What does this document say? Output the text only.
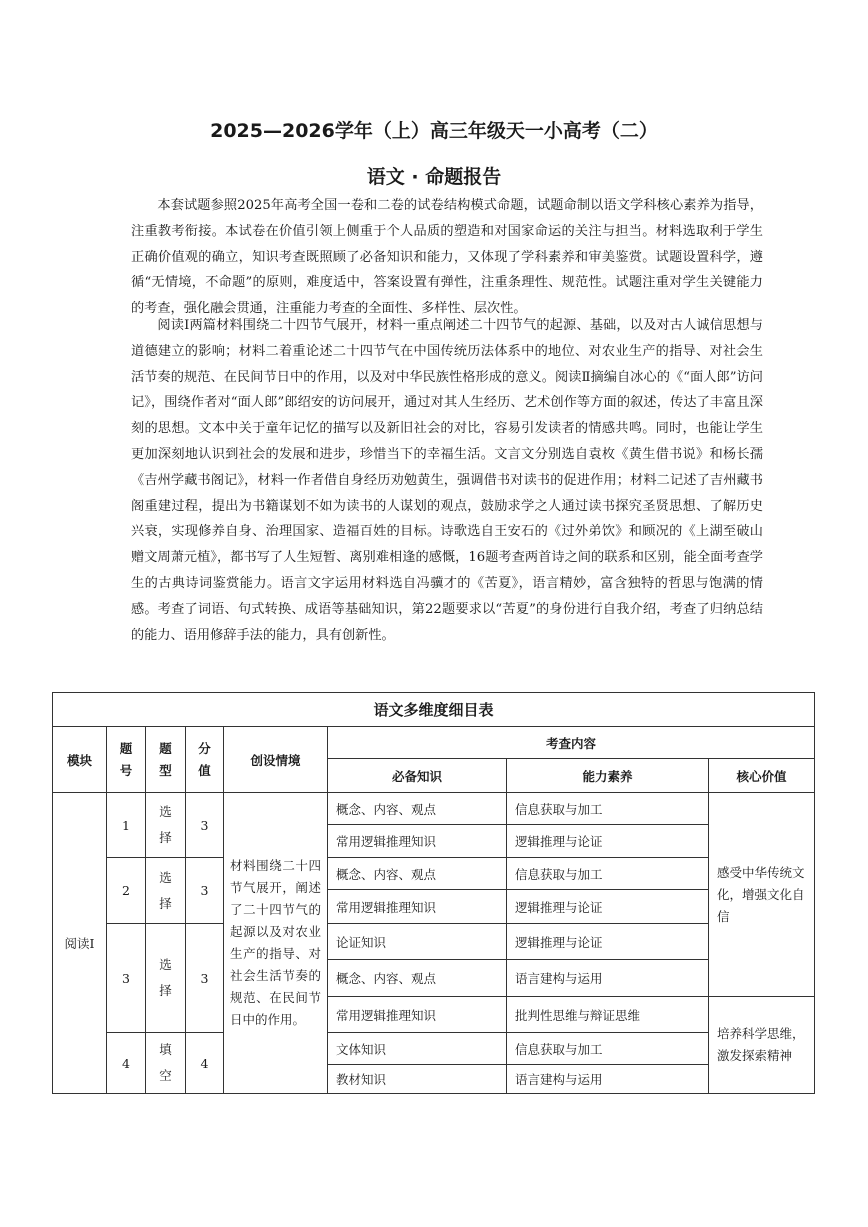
2025—2026学年（上）高三年级天一小高考（二）
语文 · 命题报告

本套试题参照2025年高考全国一卷和二卷的试卷结构模式命题，试题命制以语文学科核心素养为指导，注重教考衔接。本试卷在价值引领上侧重于个人品质的塑造和对国家命运的关注与担当。材料选取利于学生正确价值观的确立，知识考查既照顾了必备知识和能力，又体现了学科素养和审美鉴赏。试题设置科学，遵循“无情境，不命题”的原则，难度适中，答案设置有弹性，注重条理性、规范性。试题注重对学生关键能力的考查，强化融会贯通，注重能力考查的全面性、多样性、层次性。

阅读Ⅰ两篇材料围绕二十四节气展开，材料一重点阐述二十四节气的起源、基础，以及对古人诚信思想与道德建立的影响；材料二着重论述二十四节气在中国传统历法体系中的地位、对农业生产的指导、对社会生活节奏的规范、在民间节日中的作用，以及对中华民族性格形成的意义。阅读Ⅱ摘编自冰心的《“面人郎”访问记》，围绕作者对“面人郎”郎绍安的访问展开，通过对其人生经历、艺术创作等方面的叙述，传达了丰富且深刻的思想。文本中关于童年记忆的描写以及新旧社会的对比，容易引发读者的情感共鸣。同时，也能让学生更加深刻地认识到社会的发展和进步，珍惜当下的幸福生活。文言文分别选自袁枚《黄生借书说》和杨长孺《吉州学藏书阁记》，材料一作者借自身经历劝勉黄生，强调借书对读书的促进作用；材料二记述了吉州藏书阁重建过程，提出为书籍谋划不如为读书的人谋划的观点，鼓励求学之人通过读书探究圣贤思想、了解历史兴衰，实现修养自身、治理国家、造福百姓的目标。诗歌选自王安石的《过外弟饮》和顾况的《上湖至破山赠文周萧元植》，都书写了人生短暂、离别难相逢的感慨，16题考查两首诗之间的联系和区别，能全面考查学生的古典诗词鉴赏能力。语言文字运用材料选自冯骥才的《苦夏》，语言精妙，富含独特的哲思与饱满的情感。考查了词语、句式转换、成语等基础知识，第22题要求以“苦夏”的身份进行自我介绍，考查了归纳总结的能力、语用修辞手法的能力，具有创新性。

语文多维度细目表							
模块	题号	题型	分值	创设情境	考查内容		
					必备知识	能力素养	核心价值
阅读Ⅰ	1	选择	3	材料围绕二十四节气展开，阐述了二十四节气的起源以及对农业生产的指导、对社会生活节奏的规范、在民间节日中的作用。	概念、内容、观点	信息获取与加工	感受中华传统文化，增强文化自信
					常用逻辑推理知识	逻辑推理与论证	
	2	选择	3		概念、内容、观点	信息获取与加工	
					常用逻辑推理知识	逻辑推理与论证	
	3	选择	3		论证知识	逻辑推理与论证	
					概念、内容、观点	语言建构与运用	
					常用逻辑推理知识	批判性思维与辩证思维	培养科学思维，激发探索精神
	4	填空	4		文体知识	信息获取与加工	
					教材知识	语言建构与运用	
